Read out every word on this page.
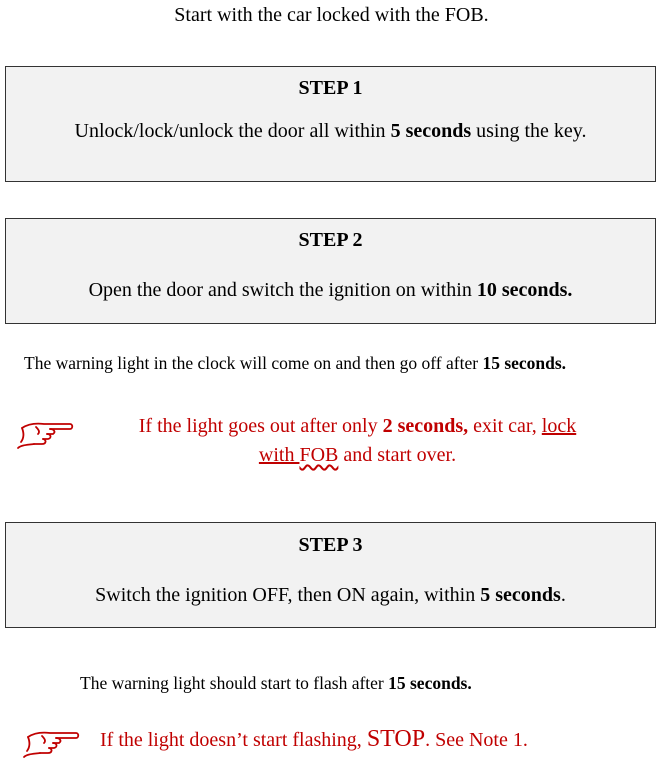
Start with the car locked with the FOB.
STEP 1
Unlock/lock/unlock the door all within 5 seconds using the key.
STEP 2
Open the door and switch the ignition on within 10 seconds.
The warning light in the clock will come on and then go off after 15 seconds.
If the light goes out after only 2 seconds, exit car, lock
with FOB and start over.
STEP 3
Switch the ignition OFF, then ON again, within 5 seconds.
The warning light should start to flash after 15 seconds.
If the light doesn’t start flashing, STOP. See Note 1.
